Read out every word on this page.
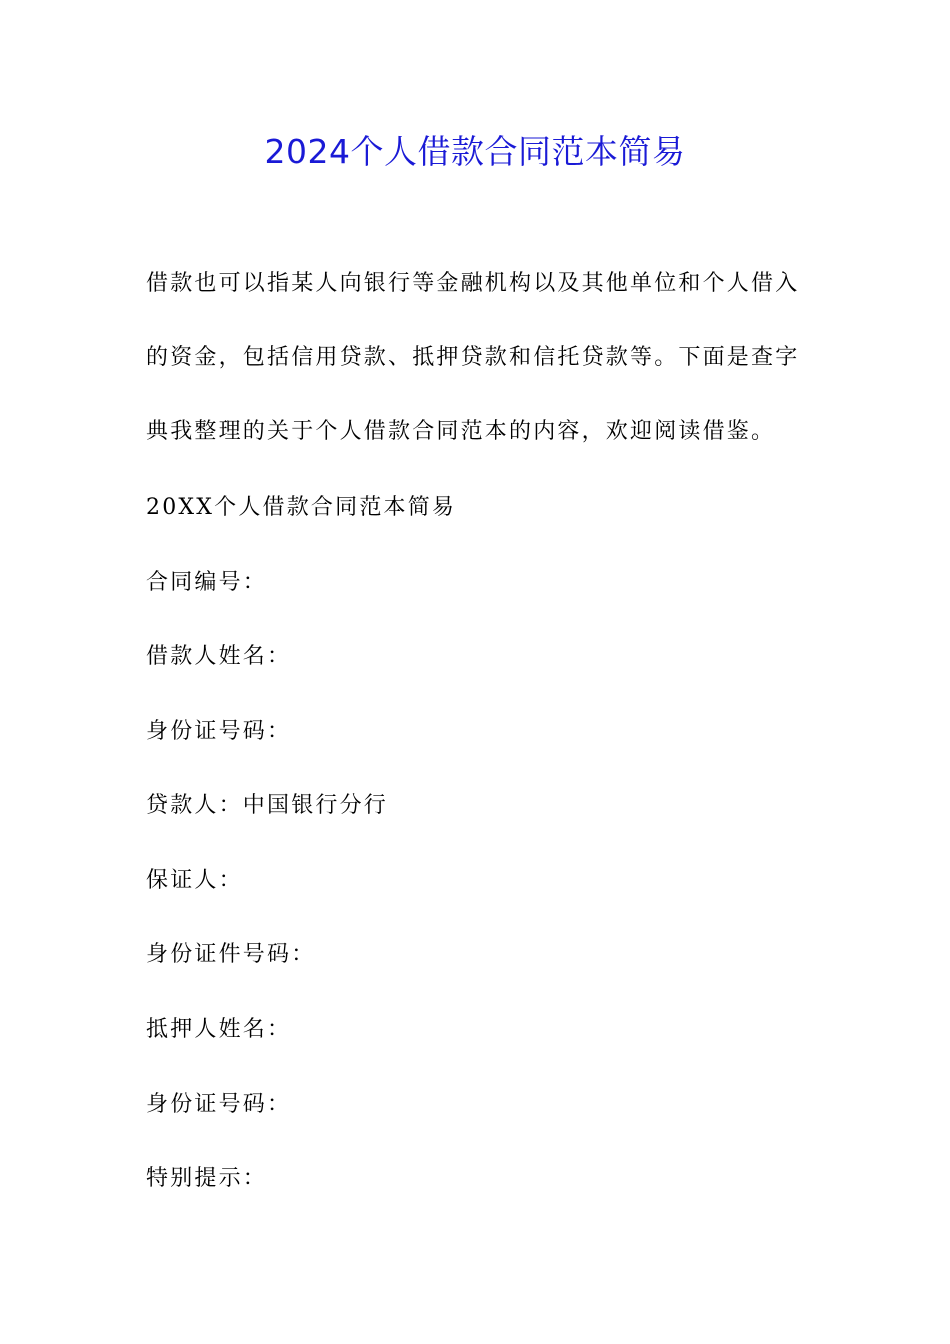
2024个人借款合同范本简易
借款也可以指某人向银行等金融机构以及其他单位和个人借入
的资金，包括信用贷款、抵押贷款和信托贷款等。下面是查字
典我整理的关于个人借款合同范本的内容，欢迎阅读借鉴。
20XX个人借款合同范本简易
合同编号：
借款人姓名：
身份证号码：
贷款人：中国银行分行
保证人：
身份证件号码：
抵押人姓名：
身份证号码：
特别提示：
